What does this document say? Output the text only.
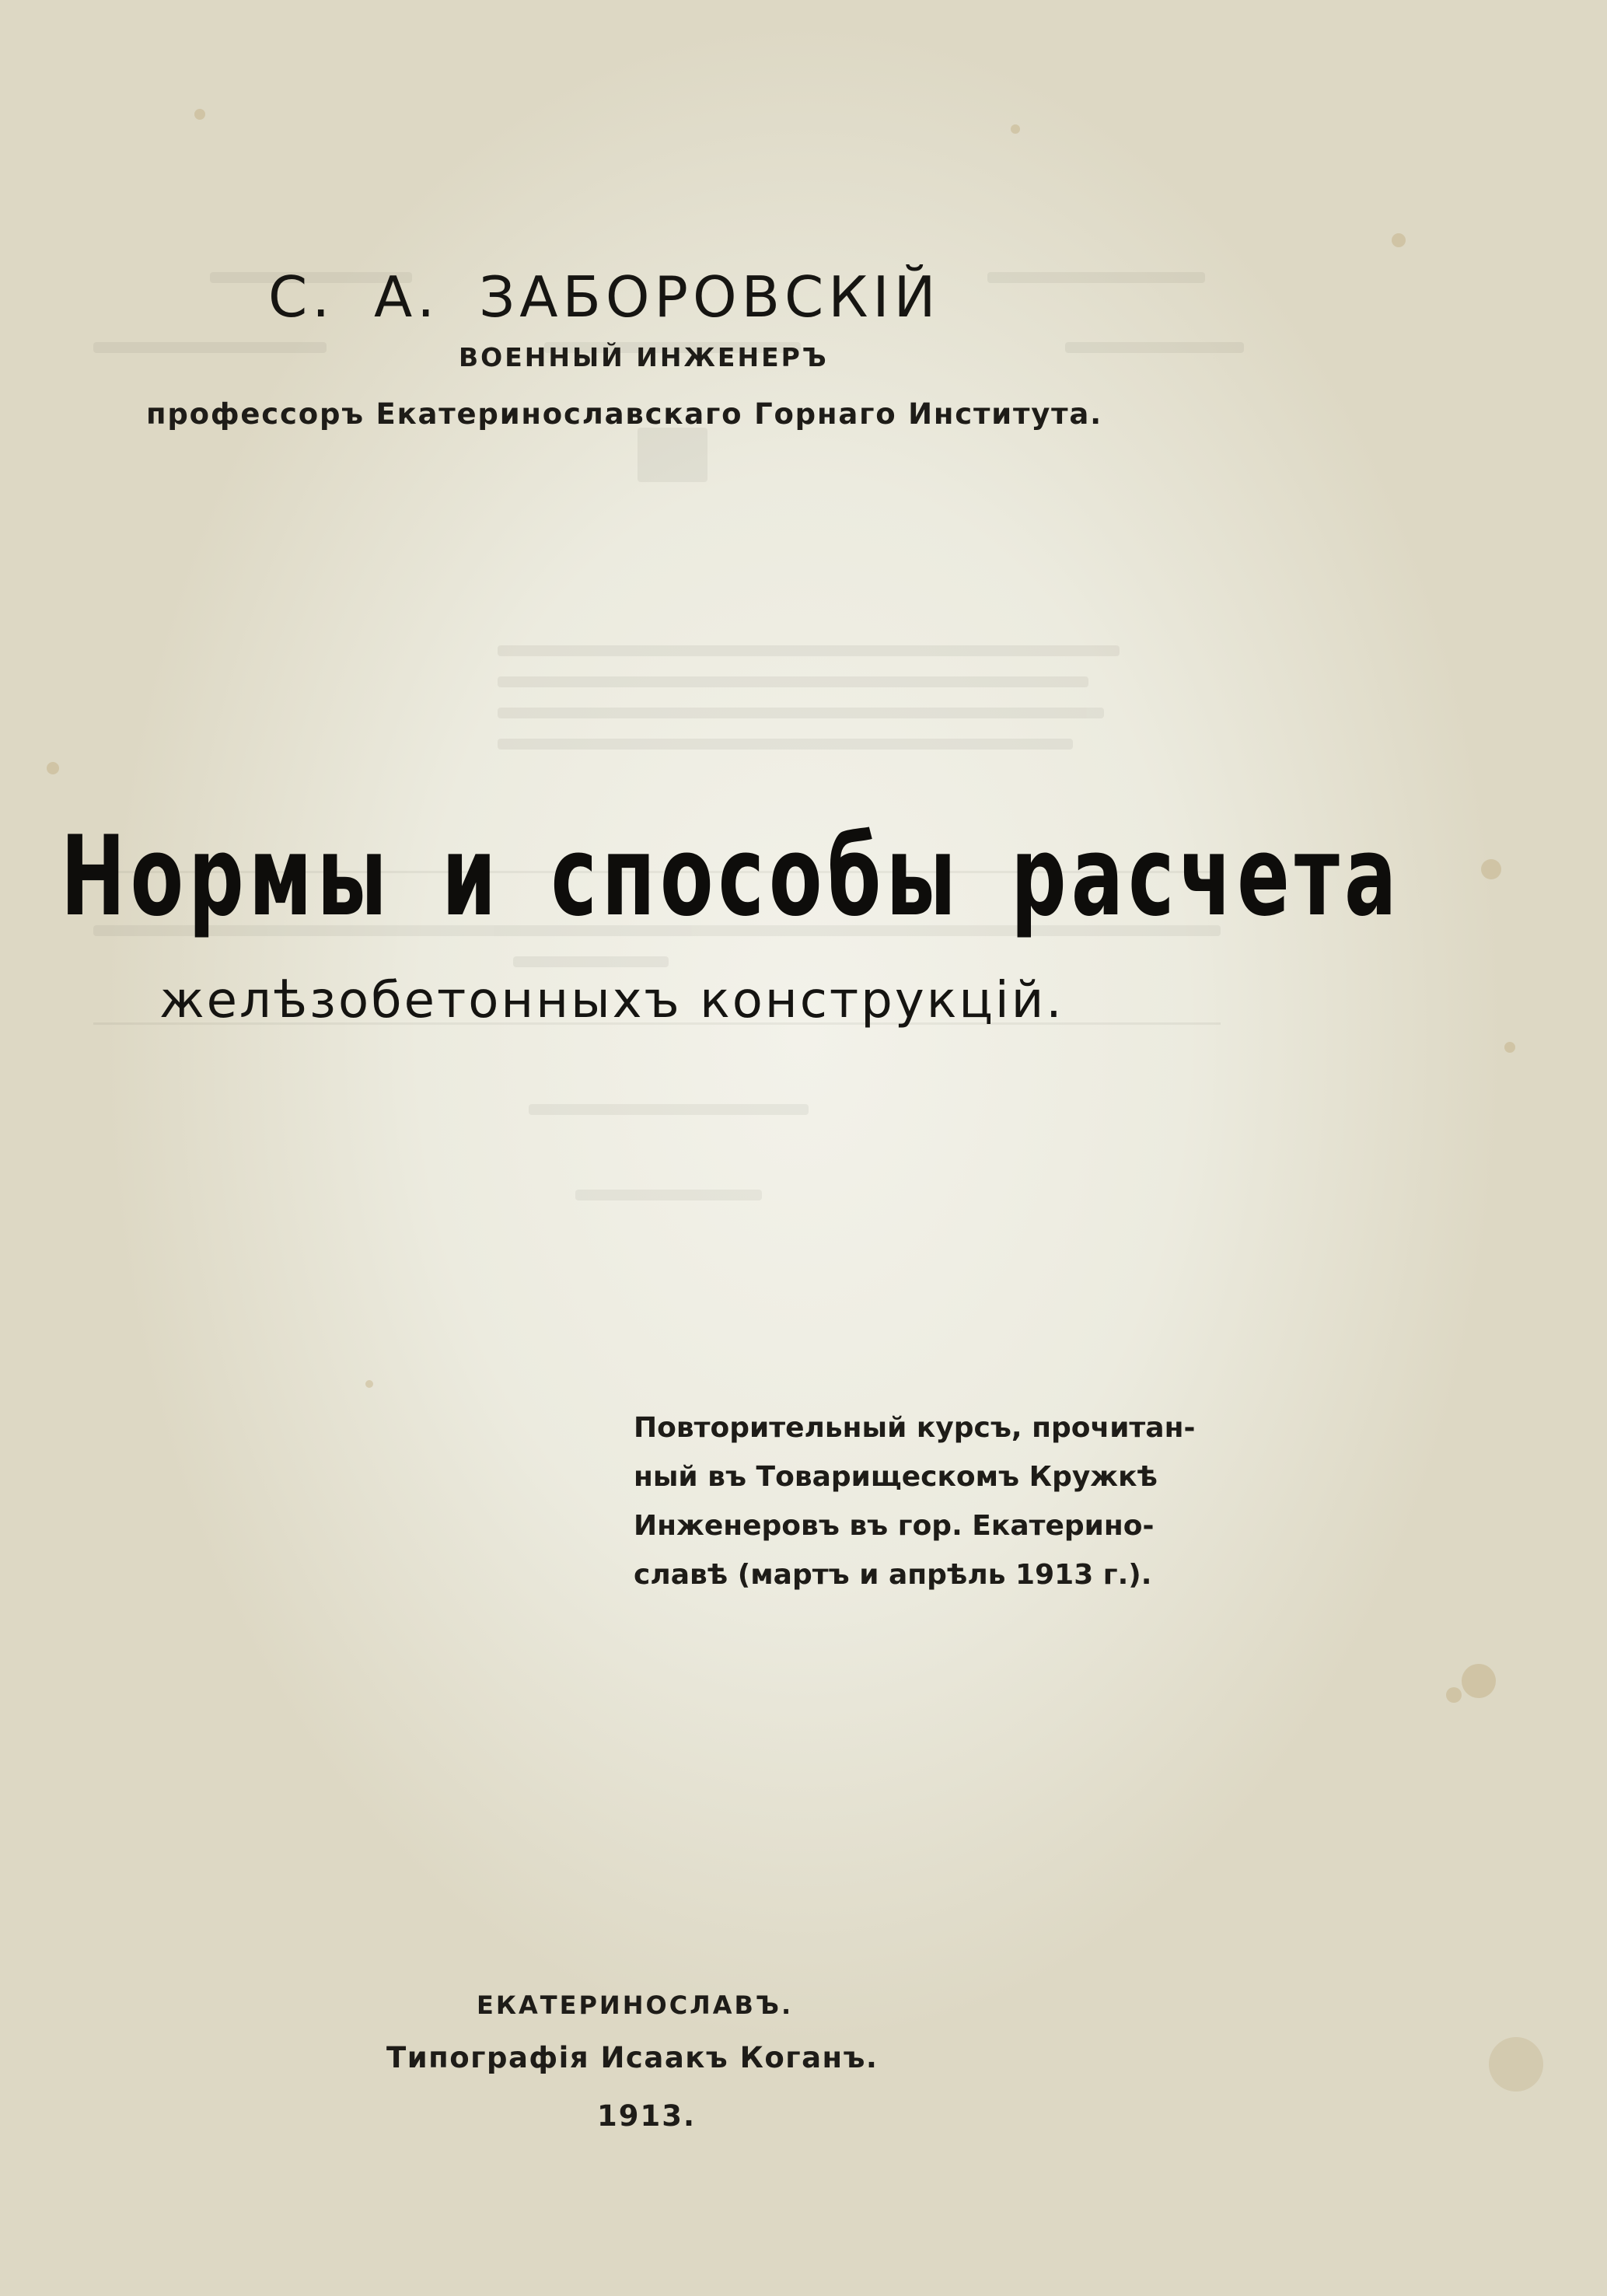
С. А. ЗАБОРОВСКIЙ
ВОЕННЫЙ ИНЖЕНЕРЪ
профессоръ Екатеринославскаго Горнаго Института.
Нормы и способы расчета
желѣзобетонныхъ конструкцiй.
Повторительный курсъ, прочитан-
ный въ Товарищескомъ Кружкѣ
Инженеровъ въ гор. Екатерино-
славѣ (мартъ и апрѣль 1913 г.).
ЕКАТЕРИНОСЛАВЪ.
Типографiя Исаакъ Коганъ.
1913.
